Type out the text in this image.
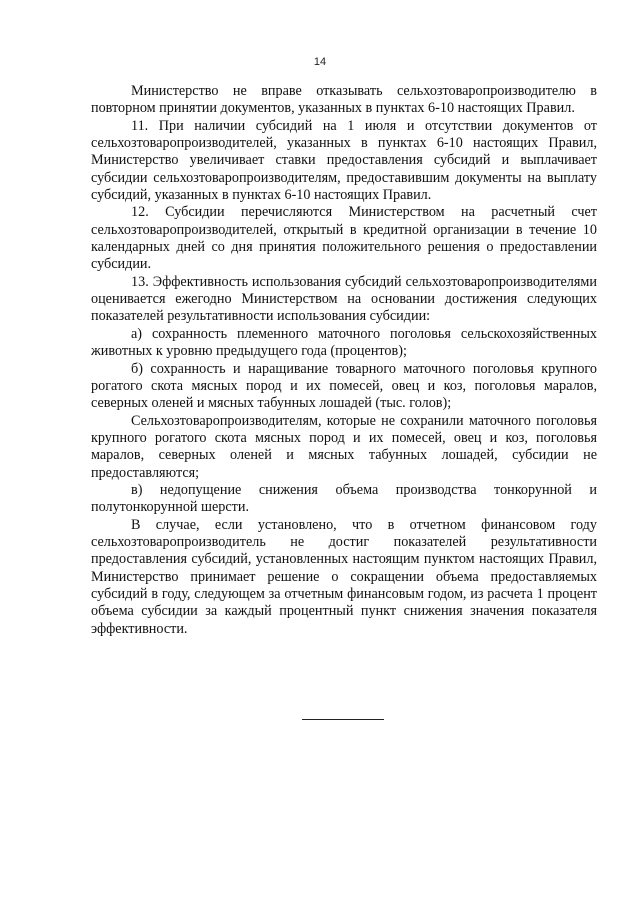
14

Министерство не вправе отказывать сельхозтоваропроизводителю в повторном принятии документов, указанных в пунктах 6-10 настоящих Правил.

11. При наличии субсидий на 1 июля и отсутствии документов от сельхозтоваропроизводителей, указанных в пунктах 6-10 настоящих Правил, Министерство увеличивает ставки предоставления субсидий и выплачивает субсидии сельхозтоваропроизводителям, предоставившим документы на выплату субсидий, указанных в пунктах 6-10 настоящих Правил.

12. Субсидии перечисляются Министерством на расчетный счет сельхозтоваропроизводителей, открытый в кредитной организации в течение 10 календарных дней со дня принятия положительного решения о предоставлении субсидии.

13. Эффективность использования субсидий сельхозтоваропроизводителями оценивается ежегодно Министерством на основании достижения следующих показателей результативности использования субсидии:

а) сохранность племенного маточного поголовья сельскохозяйственных животных к уровню предыдущего года (процентов);

б) сохранность и наращивание товарного маточного поголовья крупного рогатого скота мясных пород и их помесей, овец и коз, поголовья маралов, северных оленей и мясных табунных лошадей (тыс. голов);

Сельхозтоваропроизводителям, которые не сохранили маточного поголовья крупного рогатого скота мясных пород и их помесей, овец и коз, поголовья маралов, северных оленей и мясных табунных лошадей, субсидии не предоставляются;

в) недопущение снижения объема производства тонкорунной и полутонкорунной шерсти.

В случае, если установлено, что в отчетном финансовом году сельхозтоваропроизводитель не достиг показателей результативности предоставления субсидий, установленных настоящим пунктом настоящих Правил, Министерство принимает решение о сокращении объема предоставляемых субсидий в году, следующем за отчетным финансовым годом, из расчета 1 процент объема субсидии за каждый процентный пункт снижения значения показателя эффективности.
